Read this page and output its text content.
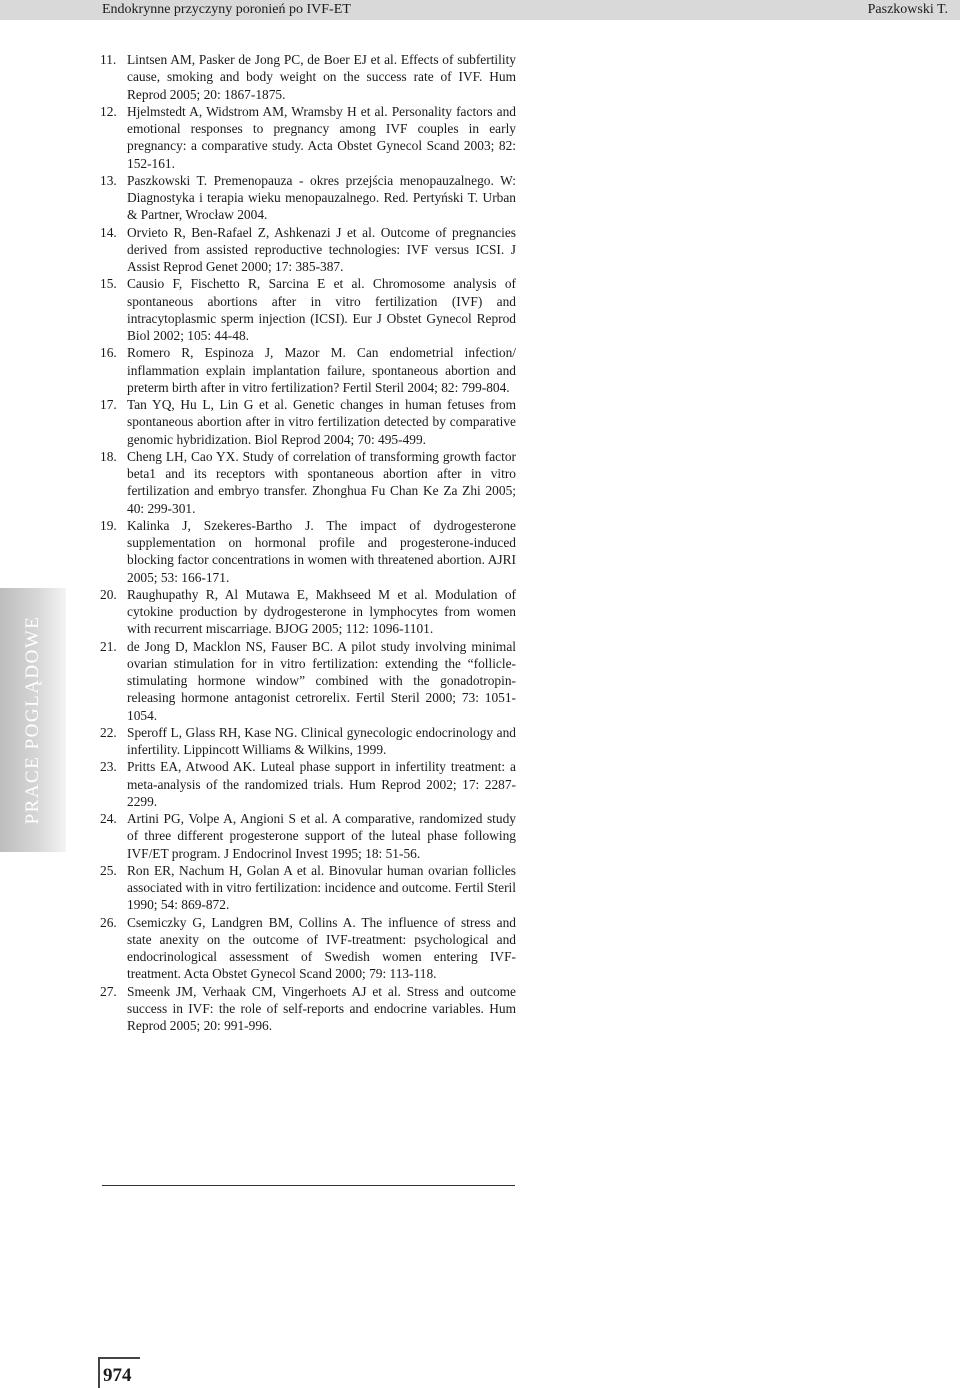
Endokrynne przyczyny poronień po IVF-ET	Paszkowski T.
PRACE POGLĄDOWE
11. Lintsen AM, Pasker de Jong PC, de Boer EJ et al. Effects of subfertility cause, smoking and body weight on the success rate of IVF. Hum Reprod 2005; 20: 1867-1875.
12. Hjelmstedt A, Widstrom AM, Wramsby H et al. Personality factors and emotional responses to pregnancy among IVF couples in early pregnancy: a comparative study. Acta Obstet Gynecol Scand 2003; 82: 152-161.
13. Paszkowski T. Premenopauza - okres przejścia menopauzalnego. W: Diagnostyka i terapia wieku menopauzalnego. Red. Pertyński T. Urban & Partner, Wrocław 2004.
14. Orvieto R, Ben-Rafael Z, Ashkenazi J et al. Outcome of pregnancies derived from assisted reproductive technologies: IVF versus ICSI. J Assist Reprod Genet 2000; 17: 385-387.
15. Causio F, Fischetto R, Sarcina E et al. Chromosome analysis of spontaneous abortions after in vitro fertilization (IVF) and intracytoplasmic sperm injection (ICSI). Eur J Obstet Gynecol Reprod Biol 2002; 105: 44-48.
16. Romero R, Espinoza J, Mazor M. Can endometrial infection/ inflammation explain implantation failure, spontaneous abortion and preterm birth after in vitro fertilization? Fertil Steril 2004; 82: 799-804.
17. Tan YQ, Hu L, Lin G et al. Genetic changes in human fetuses from spontaneous abortion after in vitro fertilization detected by comparative genomic hybridization. Biol Reprod 2004; 70: 495-499.
18. Cheng LH, Cao YX. Study of correlation of transforming growth factor beta1 and its receptors with spontaneous abortion after in vitro fertilization and embryo transfer. Zhonghua Fu Chan Ke Za Zhi 2005; 40: 299-301.
19. Kalinka J, Szekeres-Bartho J. The impact of dydrogesterone supplementation on hormonal profile and progesterone-induced blocking factor concentrations in women with threatened abortion. AJRI 2005; 53: 166-171.
20. Raughupathy R, Al Mutawa E, Makhseed M et al. Modulation of cytokine production by dydrogesterone in lymphocytes from women with recurrent miscarriage. BJOG 2005; 112: 1096-1101.
21. de Jong D, Macklon NS, Fauser BC. A pilot study involving minimal ovarian stimulation for in vitro fertilization: extending the “follicle-stimulating hormone window” combined with the gonadotropin-releasing hormone antagonist cetrorelix. Fertil Steril 2000; 73: 1051-1054.
22. Speroff L, Glass RH, Kase NG. Clinical gynecologic endocrinology and infertility. Lippincott Williams & Wilkins, 1999.
23. Pritts EA, Atwood AK. Luteal phase support in infertility treatment: a meta-analysis of the randomized trials. Hum Reprod 2002; 17: 2287-2299.
24. Artini PG, Volpe A, Angioni S et al. A comparative, randomized study of three different progesterone support of the luteal phase following IVF/ET program. J Endocrinol Invest 1995; 18: 51-56.
25. Ron ER, Nachum H, Golan A et al. Binovular human ovarian follicles associated with in vitro fertilization: incidence and outcome. Fertil Steril 1990; 54: 869-872.
26. Csemiczky G, Landgren BM, Collins A. The influence of stress and state anexity on the outcome of IVF-treatment: psychological and endocrinological assessment of Swedish women entering IVF-treatment. Acta Obstet Gynecol Scand 2000; 79: 113-118.
27. Smeenk JM, Verhaak CM, Vingerhoets AJ et al. Stress and outcome success in IVF: the role of self-reports and endocrine variables. Hum Reprod 2005; 20: 991-996.
974
